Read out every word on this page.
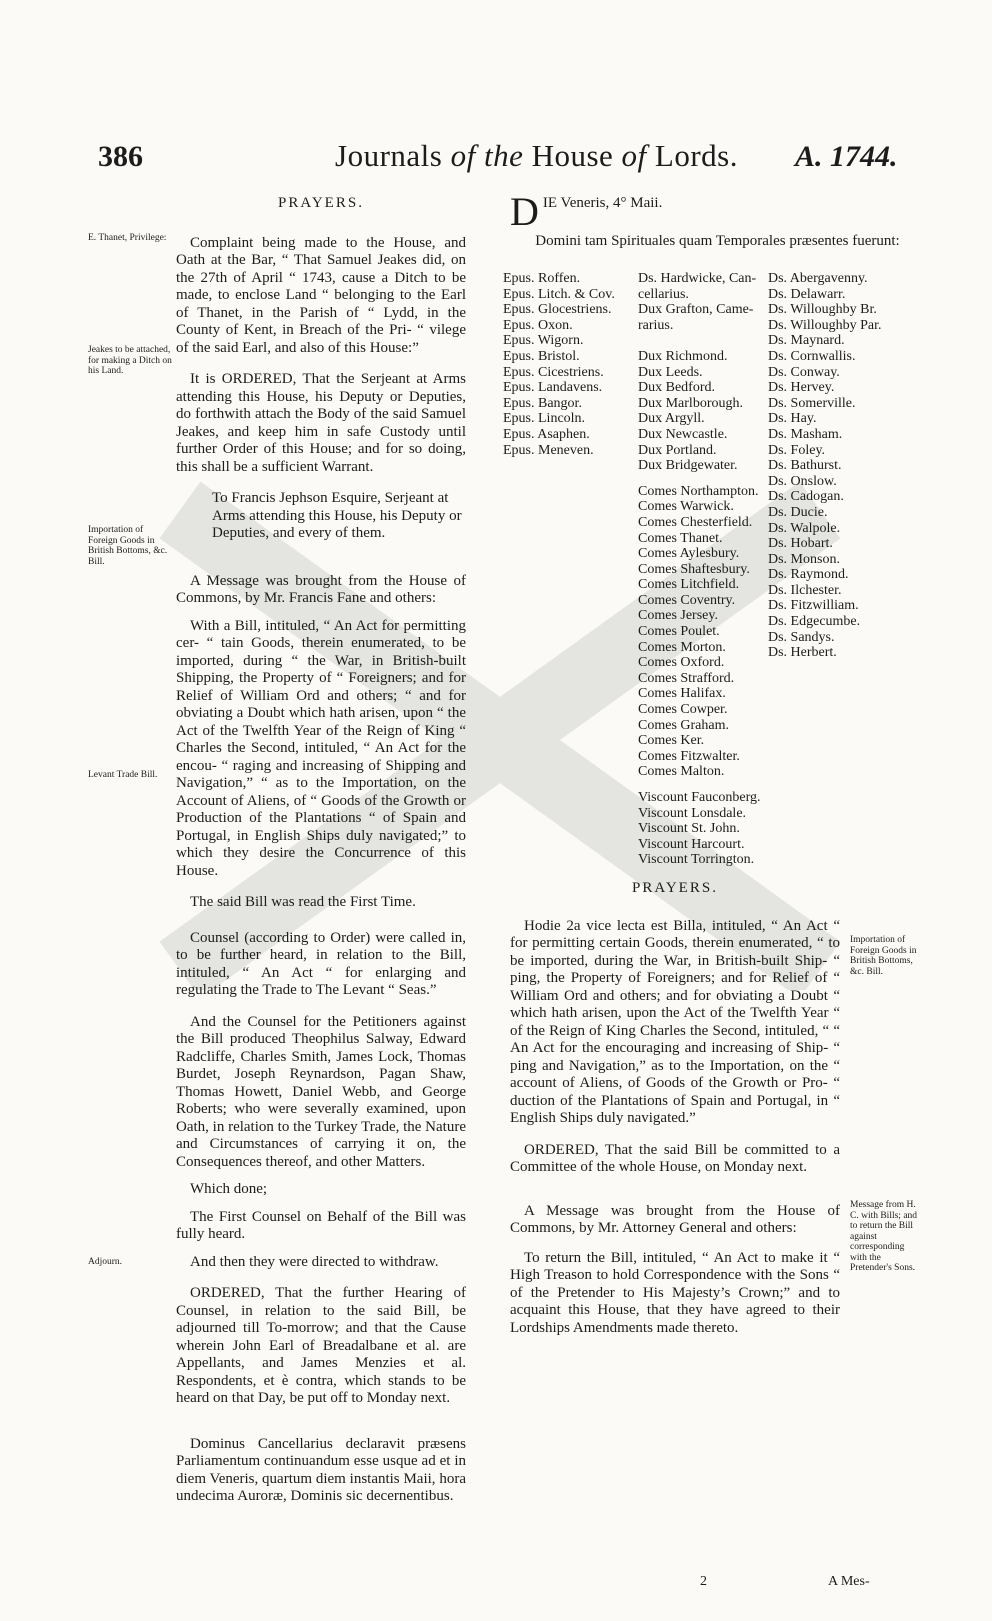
386	Journals of the House of Lords. A. 1744.
E. Thanet, Privilege:
Jeakes to be attached, for making a Ditch on his Land.
Importation of Foreign Goods in British Bottoms, &c. Bill.
Levant Trade Bill.
Adjourn.
PRAYERS.

Complaint being made to the House, and Oath at the Bar, “ That Samuel Jeakes did, on the 27th of April “ 1743, cause a Ditch to be made, to enclose Land “ belonging to the Earl of Thanet, in the Parish of “ Lydd, in the County of Kent, in Breach of the Pri- “ vilege of the said Earl, and also of this House:”

It is ORDERED, That the Serjeant at Arms attending this House, his Deputy or Deputies, do forthwith attach the Body of the said Samuel Jeakes, and keep him in safe Custody until further Order of this House; and for so doing, this shall be a sufficient Warrant.

To Francis Jephson Esquire, Serjeant at Arms attending this House, his Deputy or Deputies, and every of them.

A Message was brought from the House of Commons, by Mr. Francis Fane and others:

With a Bill, intituled, “ An Act for permitting cer- “ tain Goods, therein enumerated, to be imported, during “ the War, in British-built Shipping, the Property of “ Foreigners; and for Relief of William Ord and others; “ and for obviating a Doubt which hath arisen, upon “ the Act of the Twelfth Year of the Reign of King “ Charles the Second, intituled, “ An Act for the encou- “ raging and increasing of Shipping and Navigation,” “ as to the Importation, on the Account of Aliens, of “ Goods of the Growth or Production of the Plantations “ of Spain and Portugal, in English Ships duly navigated;” to which they desire the Concurrence of this House.

The said Bill was read the First Time.

Counsel (according to Order) were called in, to be further heard, in relation to the Bill, intituled, “ An Act “ for enlarging and regulating the Trade to The Levant “ Seas.”

And the Counsel for the Petitioners against the Bill produced Theophilus Salway, Edward Radcliffe, Charles Smith, James Lock, Thomas Burdet, Joseph Reynardson, Pagan Shaw, Thomas Howett, Daniel Webb, and George Roberts; who were severally examined, upon Oath, in relation to the Turkey Trade, the Nature and Circumstances of carrying it on, the Consequences thereof, and other Matters.

Which done;

The First Counsel on Behalf of the Bill was fully heard.

And then they were directed to withdraw.

ORDERED, That the further Hearing of Counsel, in relation to the said Bill, be adjourned till To-morrow; and that the Cause wherein John Earl of Breadalbane et al. are Appellants, and James Menzies et al. Respondents, et è contra, which stands to be heard on that Day, be put off to Monday next.

Dominus Cancellarius declaravit præsens Parliamentum continuandum esse usque ad et in diem Veneris, quartum diem instantis Maii, hora undecima Auroræ, Dominis sic decernentibus.

D IE Veneris, 4° Maii.
Domini tam Spirituales quam Temporales præsentes fuerunt:
Epus. Roffen.
Epus. Litch. & Cov.
Epus. Glocestriens.
Epus. Oxon.
Epus. Wigorn.
Epus. Bristol.
Epus. Cicestriens.
Epus. Landavens.
Epus. Bangor.
Epus. Lincoln.
Epus. Asaphen.
Epus. Meneven.
Ds. Hardwicke, Can-
cellarius.
Dux Grafton, Came-
rarius.

Dux Richmond.
Dux Leeds.
Dux Bedford.
Dux Marlborough.
Dux Argyll.
Dux Newcastle.
Dux Portland.
Dux Bridgewater.
Comes Northampton.
Comes Warwick.
Comes Chesterfield.
Comes Thanet.
Comes Aylesbury.
Comes Shaftesbury.
Comes Litchfield.
Comes Coventry.
Comes Jersey.
Comes Poulet.
Comes Morton.
Comes Oxford.
Comes Strafford.
Comes Halifax.
Comes Cowper.
Comes Graham.
Comes Ker.
Comes Fitzwalter.
Comes Malton.
Viscount Fauconberg.
Viscount Lonsdale.
Viscount St. John.
Viscount Harcourt.
Viscount Torrington.
Ds. Abergavenny.
Ds. Delawarr.
Ds. Willoughby Br.
Ds. Willoughby Par.
Ds. Maynard.
Ds. Cornwallis.
Ds. Conway.
Ds. Hervey.
Ds. Somerville.
Ds. Hay.
Ds. Masham.
Ds. Foley.
Ds. Bathurst.
Ds. Onslow.
Ds. Cadogan.
Ds. Ducie.
Ds. Walpole.
Ds. Hobart.
Ds. Monson.
Ds. Raymond.
Ds. Ilchester.
Ds. Fitzwilliam.
Ds. Edgecumbe.
Ds. Sandys.
Ds. Herbert.
PRAYERS.

Hodie 2a vice lecta est Billa, intituled, “ An Act “ for permitting certain Goods, therein enumerated, “ to be imported, during the War, in British-built Ship- “ ping, the Property of Foreigners; and for Relief of “ William Ord and others; and for obviating a Doubt “ which hath arisen, upon the Act of the Twelfth Year “ of the Reign of King Charles the Second, intituled, “ “ An Act for the encouraging and increasing of Ship- “ ping and Navigation,” as to the Importation, on the “ account of Aliens, of Goods of the Growth or Pro- “ duction of the Plantations of Spain and Portugal, in “ English Ships duly navigated.”

ORDERED, That the said Bill be committed to a Committee of the whole House, on Monday next.

A Message was brought from the House of Commons, by Mr. Attorney General and others:

To return the Bill, intituled, “ An Act to make it “ High Treason to hold Correspondence with the Sons “ of the Pretender to His Majesty’s Crown;” and to acquaint this House, that they have agreed to their Lordships Amendments made thereto.

Importation of Foreign Goods in British Bottoms, &c. Bill.
Message from H. C. with Bills; and to return the Bill against corresponding with the Pretender's Sons.
2	A Mes-
